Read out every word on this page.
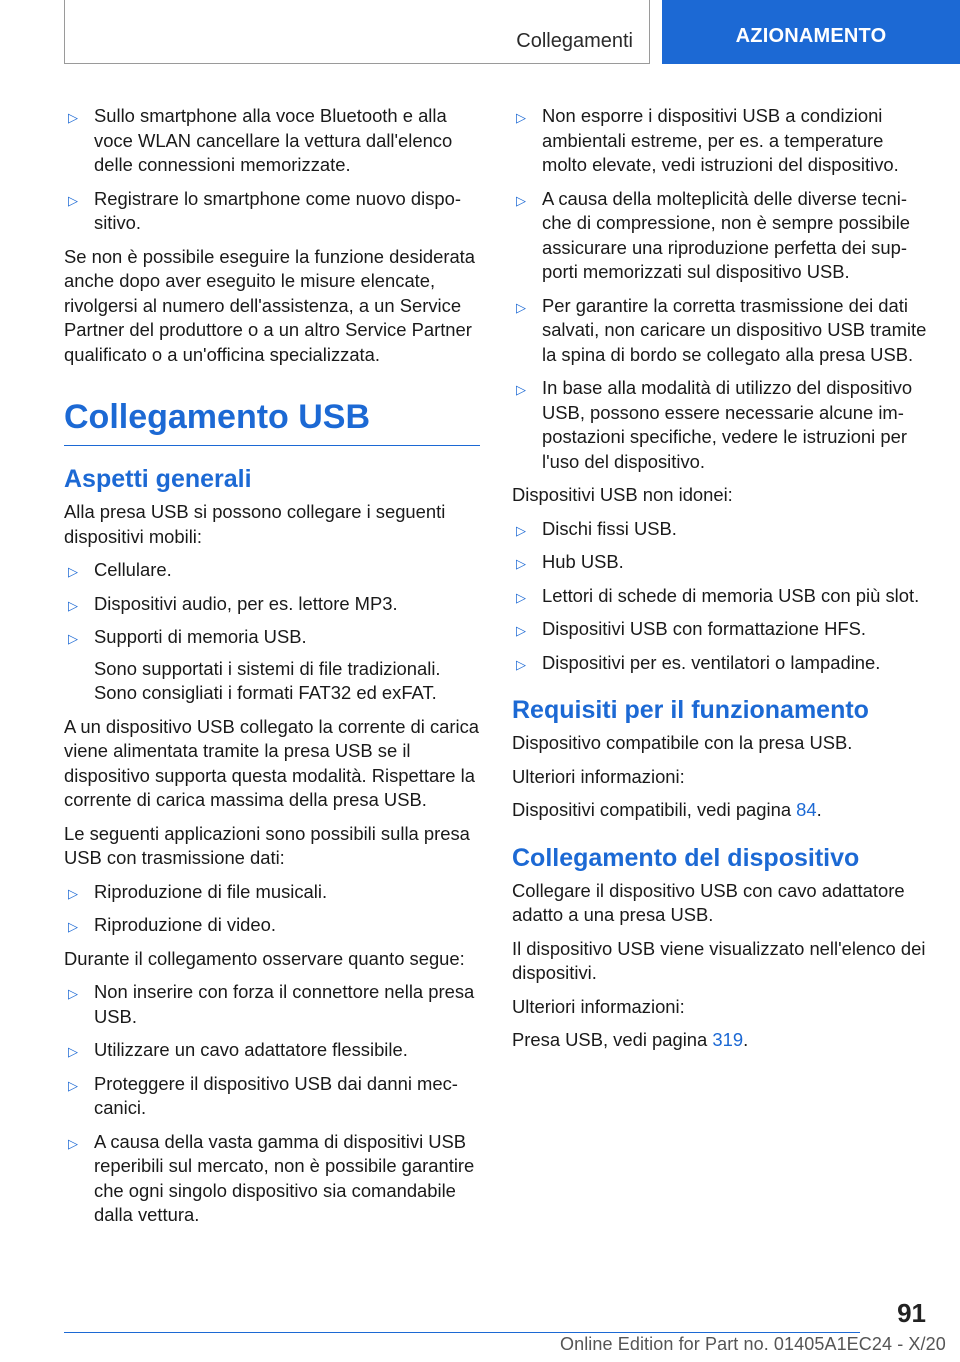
Collegamenti	AZIONAMENTO
▷ Sullo smartphone alla voce Bluetooth e alla voce WLAN cancellare la vettura dall'elenco delle connessioni memorizzate.
▷ Registrare lo smartphone come nuovo dispositivo.

Se non è possibile eseguire la funzione desiderata anche dopo aver eseguito le misure elencate, rivolgersi al numero dell'assistenza, a un Service Partner del produttore o a un altro Service Partner qualificato o a un'officina specializzata.

Collegamento USB
Aspetti generali

Alla presa USB si possono collegare i seguenti dispositivi mobili:

▷ Cellulare.
▷ Dispositivi audio, per es. lettore MP3.
▷ Supporti di memoria USB.
Sono supportati i sistemi di file tradizionali. Sono consigliati i formati FAT32 ed exFAT.

A un dispositivo USB collegato la corrente di carica viene alimentata tramite la presa USB se il dispositivo supporta questa modalità. Rispettare la corrente di carica massima della presa USB.

Le seguenti applicazioni sono possibili sulla presa USB con trasmissione dati:

▷ Riproduzione di file musicali.
▷ Riproduzione di video.

Durante il collegamento osservare quanto segue:

▷ Non inserire con forza il connettore nella presa USB.
▷ Utilizzare un cavo adattatore flessibile.
▷ Proteggere il dispositivo USB dai danni meccanici.
▷ A causa della vasta gamma di dispositivi USB reperibili sul mercato, non è possibile garantire che ogni singolo dispositivo sia comandabile dalla vettura.
▷ Non esporre i dispositivi USB a condizioni ambientali estreme, per es. a temperature molto elevate, vedi istruzioni del dispositivo.
▷ A causa della molteplicità delle diverse tecniche di compressione, non è sempre possibile assicurare una riproduzione perfetta dei supporti memorizzati sul dispositivo USB.
▷ Per garantire la corretta trasmissione dei dati salvati, non caricare un dispositivo USB tramite la spina di bordo se collegato alla presa USB.
▷ In base alla modalità di utilizzo del dispositivo USB, possono essere necessarie alcune impostazioni specifiche, vedere le istruzioni per l'uso del dispositivo.

Dispositivi USB non idonei:

▷ Dischi fissi USB.
▷ Hub USB.
▷ Lettori di schede di memoria USB con più slot.
▷ Dispositivi USB con formattazione HFS.
▷ Dispositivi per es. ventilatori o lampadine.
Requisiti per il funzionamento

Dispositivo compatibile con la presa USB.

Ulteriori informazioni:

Dispositivi compatibili, vedi pagina 84.

Collegamento del dispositivo

Collegare il dispositivo USB con cavo adattatore adatto a una presa USB.

Il dispositivo USB viene visualizzato nell'elenco dei dispositivi.

Ulteriori informazioni:

Presa USB, vedi pagina 319.

91
Online Edition for Part no. 01405A1EC24 - X/20
